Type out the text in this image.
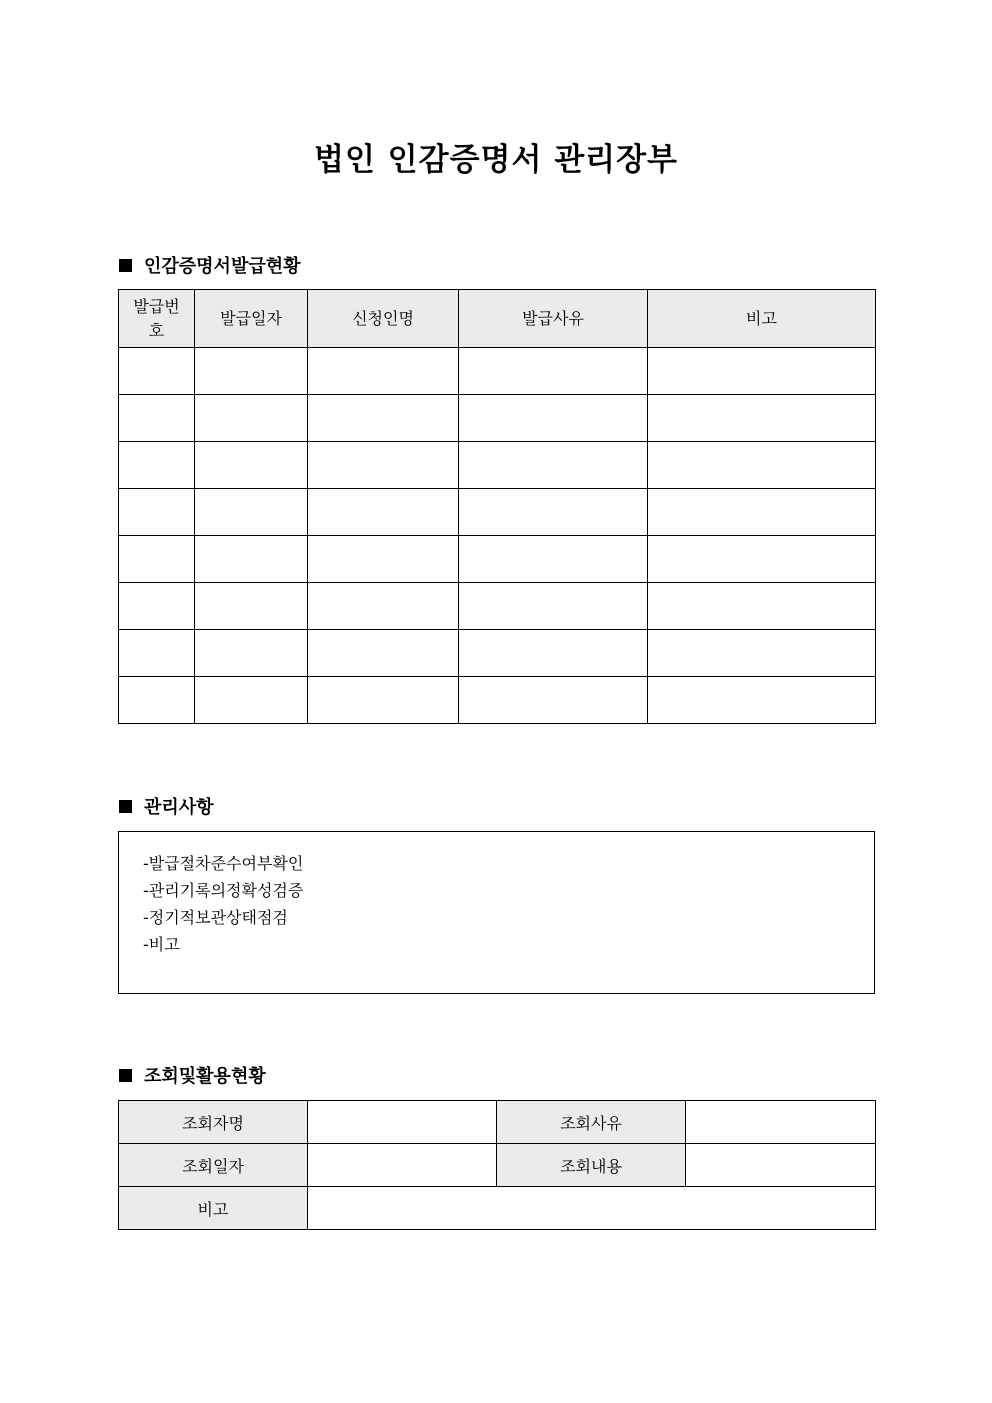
법인 인감증명서 관리장부
인감증명서발급현황
발급번호	발급일자	신청인명	발급사유	비고

관리사항
-발급절차준수여부확인
-관리기록의정확성검증
-정기적보관상태점검
-비고
조회및활용현황
조회자명		조회사유	
조회일자		조회내용	
비고			
